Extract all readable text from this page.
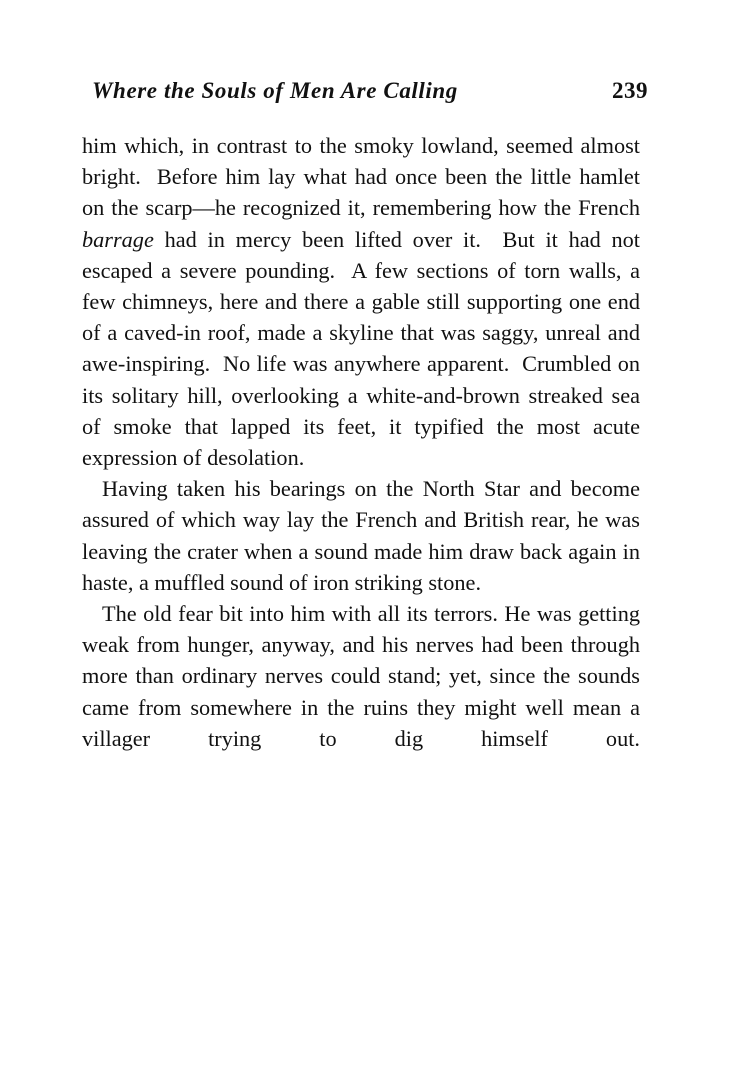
Where the Souls of Men Are Calling	239

him which, in contrast to the smoky lowland, seemed almost bright.  Before him lay what had once been the little hamlet on the scarp—he recognized it, remembering how the French barrage had in mercy been lifted over it.  But it had not escaped a severe pounding.  A few sections of torn walls, a few chimneys, here and there a gable still supporting one end of a caved-in roof, made a skyline that was saggy, unreal and awe-inspiring.  No life was anywhere apparent.  Crumbled on its solitary hill, overlooking a white-and-brown streaked sea of smoke that lapped its feet, it typified the most acute expression of desolation.

Having taken his bearings on the North Star and become assured of which way lay the French and British rear, he was leaving the crater when a sound made him draw back again in haste, a muffled sound of iron striking stone.

The old fear bit into him with all its terrors. He was getting weak from hunger, anyway, and his nerves had been through more than ordinary nerves could stand; yet, since the sounds came from somewhere in the ruins they might well mean a villager trying to dig himself out.
